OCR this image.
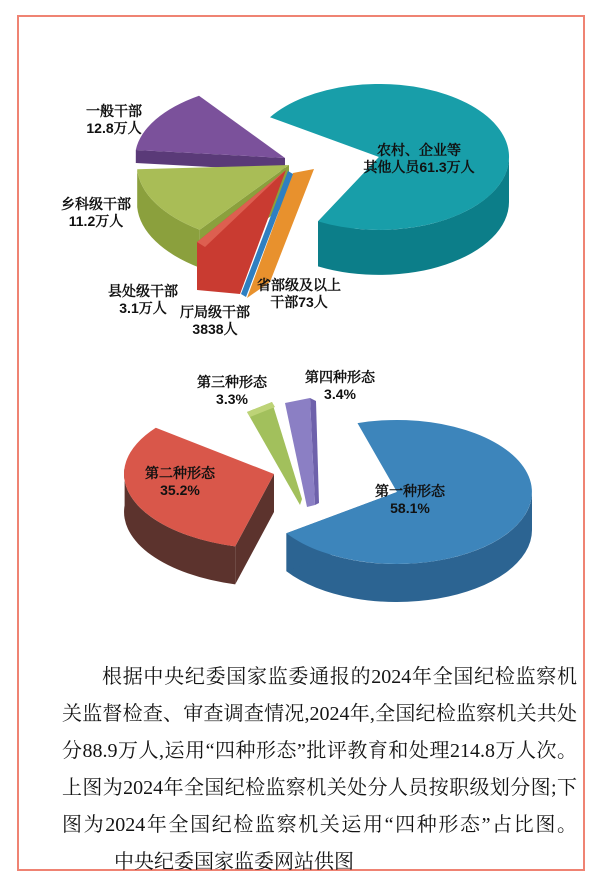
一般干部
12.8万人
农村、企业等
其他人员61.3万人
乡科级干部
11.2万人
县处级干部
3.1万人 厅局级干部
3838人
省部级及以上
干部73人
第三种形态
3.3%
第四种形态
3.4%
第二种形态
35.2%	第一种形态
58.1%

根据中央纪委国家监委通报的2024年全国纪检监察机关监督检查、审查调查情况,2024年,全国纪检监察机关共处分88.9万人,运用“四种形态”批评教育和处理214.8万人次。上图为2024年全国纪检监察机关处分人员按职级划分图;下图为2024年全国纪检监察机关运用“四种形态”占比图。中央纪委国家监委网站供图
